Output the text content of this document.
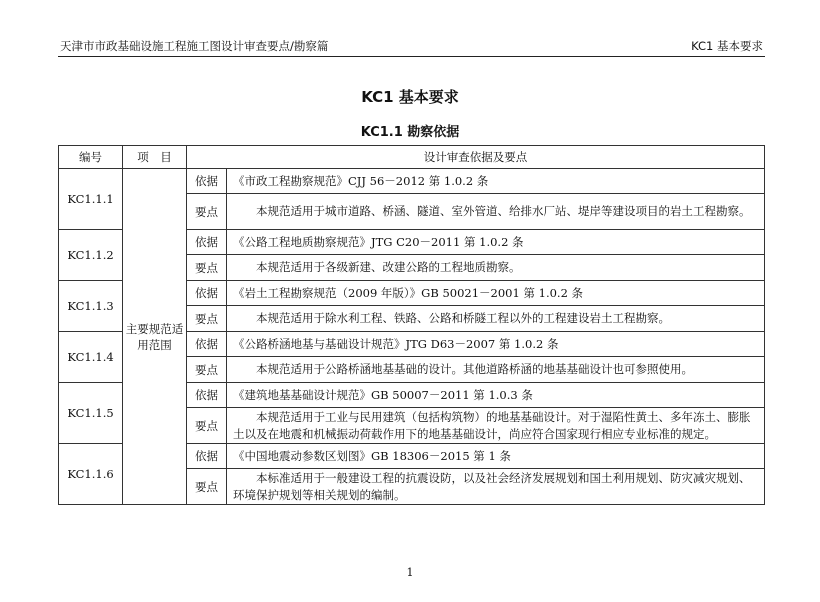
天津市市政基础设施工程施工图设计审查要点/勘察篇	KC1 基本要求
KC1 基本要求
KC1.1 勘察依据
编号	项　目	设计审查依据及要点	
KC1.1.1	主要规范适用范围	依据	《市政工程勘察规范》CJJ 56－2012 第 1.0.2 条
		要点	本规范适用于城市道路、桥涵、隧道、室外管道、给排水厂站、堤岸等建设项目的岩土工程勘察。
KC1.1.2		依据	《公路工程地质勘察规范》JTG C20－2011 第 1.0.2 条
		要点	本规范适用于各级新建、改建公路的工程地质勘察。
KC1.1.3		依据	《岩土工程勘察规范（2009 年版）》GB 50021－2001 第 1.0.2 条
		要点	本规范适用于除水利工程、铁路、公路和桥隧工程以外的工程建设岩土工程勘察。
KC1.1.4		依据	《公路桥涵地基与基础设计规范》JTG D63－2007 第 1.0.2 条
		要点	本规范适用于公路桥涵地基基础的设计。其他道路桥涵的地基基础设计也可参照使用。
KC1.1.5		依据	《建筑地基基础设计规范》GB 50007－2011 第 1.0.3 条
		要点	本规范适用于工业与民用建筑（包括构筑物）的地基基础设计。对于湿陷性黄土、多年冻土、膨胀土以及在地震和机械振动荷载作用下的地基基础设计，尚应符合国家现行相应专业标准的规定。
KC1.1.6		依据	《中国地震动参数区划图》GB 18306－2015 第 1 条
		要点	本标准适用于一般建设工程的抗震设防，以及社会经济发展规划和国土利用规划、防灾减灾规划、环境保护规划等相关规划的编制。
1
